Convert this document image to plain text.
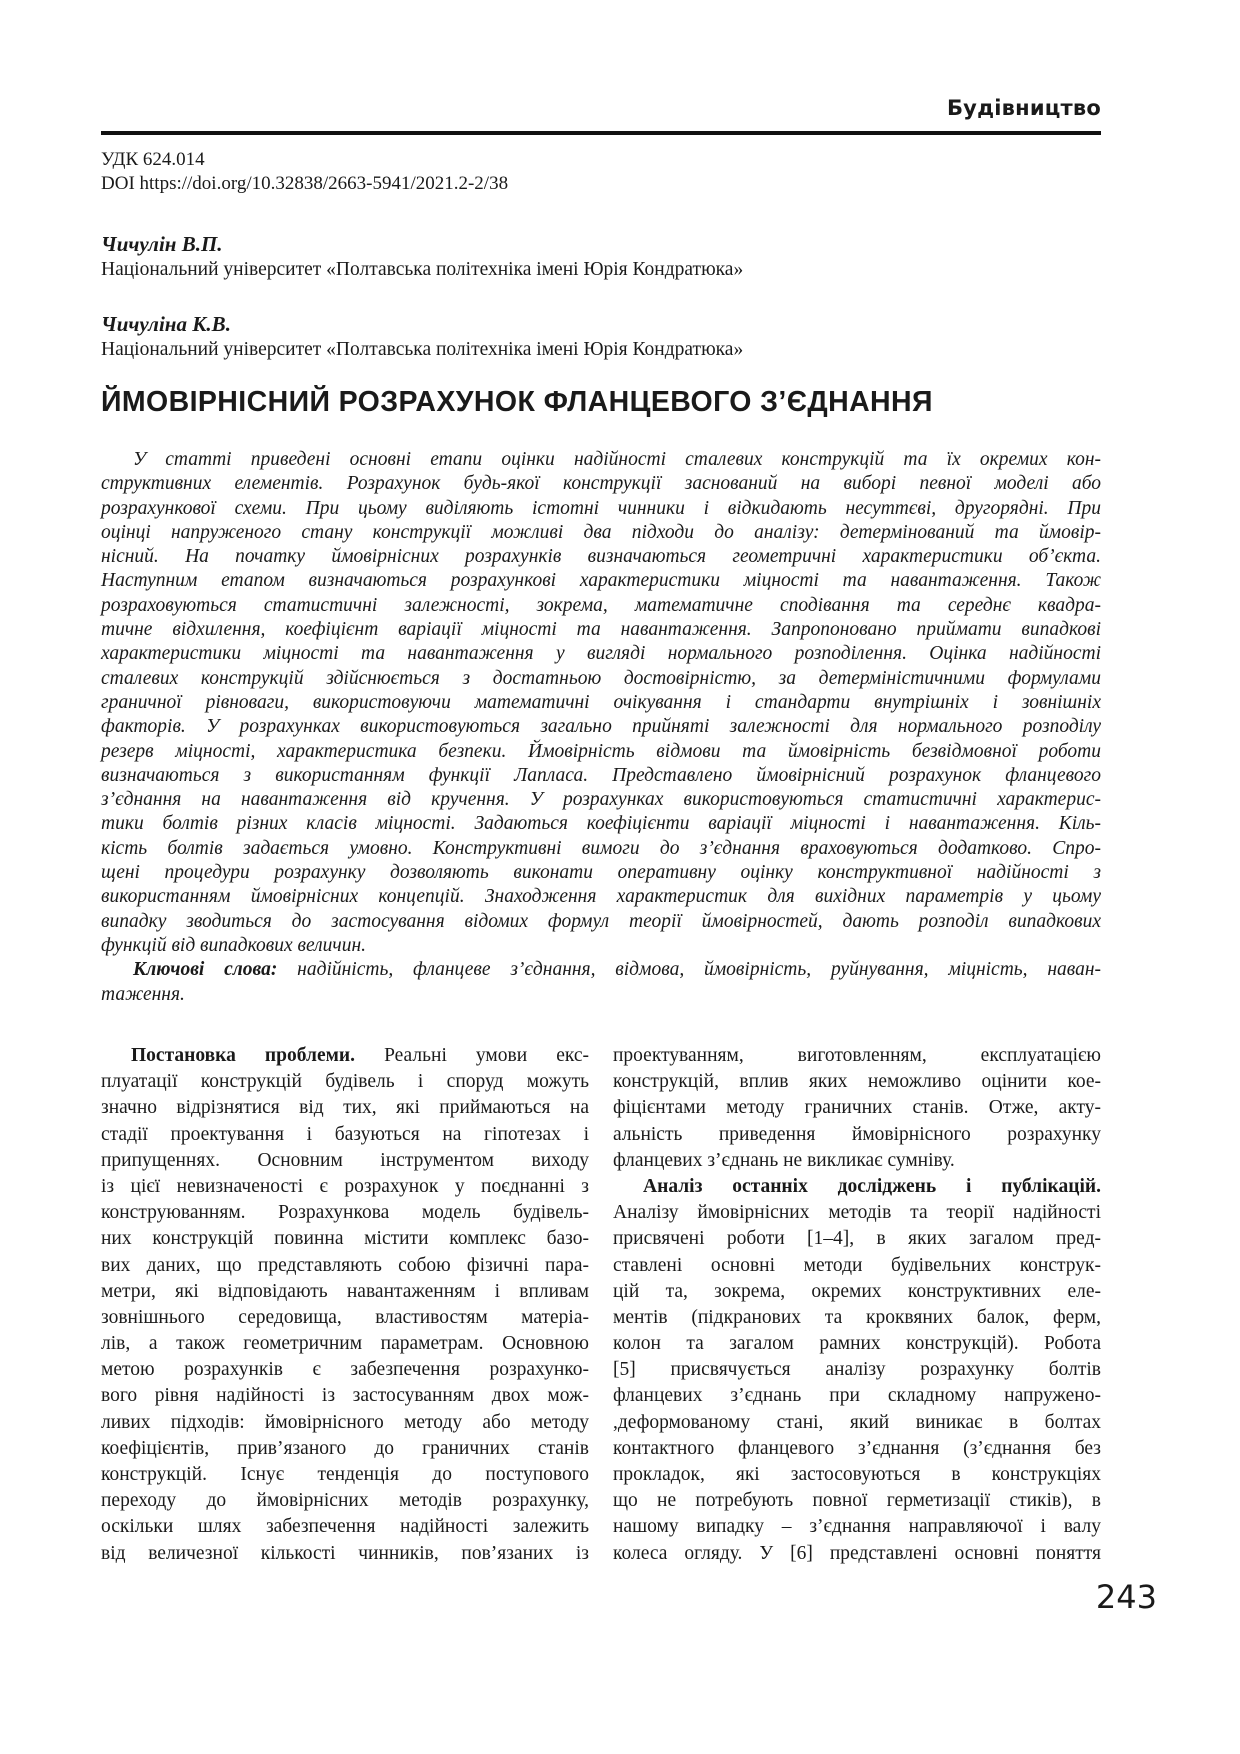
Будівництво
УДК 624.014
DOI https://doi.org/10.32838/2663-5941/2021.2-2/38
Чичулін В.П.
Національний університет «Полтавська політехніка імені Юрія Кондратюка»
Чичуліна К.В.
Національний університет «Полтавська політехніка імені Юрія Кондратюка»
ЙМОВІРНІСНИЙ РОЗРАХУНОК ФЛАНЦЕВОГО З’ЄДНАННЯ
У статті приведені основні етапи оцінки надійності сталевих конструкцій та їх окремих кон-
структивних елементів. Розрахунок будь-якої конструкції заснований на виборі певної моделі або
розрахункової схеми. При цьому виділяють істотні чинники і відкидають несуттєві, другорядні. При
оцінці напруженого стану конструкції можливі два підходи до аналізу: детермінований та ймовір-
нісний. На початку ймовірнісних розрахунків визначаються геометричні характеристики об’єкта.
Наступним етапом визначаються розрахункові характеристики міцності та навантаження. Також
розраховуються статистичні залежності, зокрема, математичне сподівання та середнє квадра-
тичне відхилення, коефіцієнт варіації міцності та навантаження. Запропоновано приймати випадкові
характеристики міцності та навантаження у вигляді нормального розподілення. Оцінка надійності
сталевих конструкцій здійснюється з достатньою достовірністю, за детерміністичними формулами
граничної рівноваги, використовуючи математичні очікування і стандарти внутрішніх і зовнішніх
факторів. У розрахунках використовуються загально прийняті залежності для нормального розподілу
резерв міцності, характеристика безпеки. Ймовірність відмови та ймовірність безвідмовної роботи
визначаються з використанням функції Лапласа. Представлено ймовірнісний розрахунок фланцевого
з’єднання на навантаження від кручення. У розрахунках використовуються статистичні характерис-
тики болтів різних класів міцності. Задаються коефіцієнти варіації міцності і навантаження. Кіль-
кість болтів задається умовно. Конструктивні вимоги до з’єднання враховуються додатково. Спро-
щені процедури розрахунку дозволяють виконати оперативну оцінку конструктивної надійності з
використанням ймовірнісних концепцій. Знаходження характеристик для вихідних параметрів у цьому
випадку зводиться до застосування відомих формул теорії ймовірностей, дають розподіл випадкових
функцій від випадкових величин.
Ключові слова: надійність, фланцеве з’єднання, відмова, ймовірність, руйнування, міцність, наван-
таження.
Постановка проблеми. Реальні умови екс-
плуатації конструкцій будівель і споруд можуть
значно відрізнятися від тих, які приймаються на
стадії проектування і базуються на гіпотезах і
припущеннях. Основним інструментом виходу
із цієї невизначеності є розрахунок у поєднанні з
конструюванням. Розрахункова модель будівель-
них конструкцій повинна містити комплекс базо-
вих даних, що представляють собою фізичні пара-
метри, які відповідають навантаженням і впливам
зовнішнього середовища, властивостям матеріа-
лів, а також геометричним параметрам. Основною
метою розрахунків є забезпечення розрахунко-
вого рівня надійності із застосуванням двох мож-
ливих підходів: ймовірнісного методу або методу
коефіцієнтів, прив’язаного до граничних станів
конструкцій. Існує тенденція до поступового
переходу до ймовірнісних методів розрахунку,
оскільки шлях забезпечення надійності залежить
від величезної кількості чинників, пов’язаних із
проектуванням, виготовленням, експлуатацією
конструкцій, вплив яких неможливо оцінити кое-
фіцієнтами методу граничних станів. Отже, акту-
альність приведення ймовірнісного розрахунку
фланцевих з’єднань не викликає сумніву.
Аналіз останніх досліджень і публікацій.
Аналізу ймовірнісних методів та теорії надійності
присвячені роботи [1–4], в яких загалом пред-
ставлені основні методи будівельних конструк-
цій та, зокрема, окремих конструктивних еле-
ментів (підкранових та кроквяних балок, ферм,
колон та загалом рамних конструкцій). Робота
[5] присвячується аналізу розрахунку болтів
фланцевих з’єднань при складному напружено-
,деформованому стані, який виникає в болтах
контактного фланцевого з’єднання (з’єднання без
прокладок, які застосовуються в конструкціях
що не потребують повної герметизації стиків), в
нашому випадку – з’єднання направляючої і валу
колеса огляду. У [6] представлені основні поняття
243
